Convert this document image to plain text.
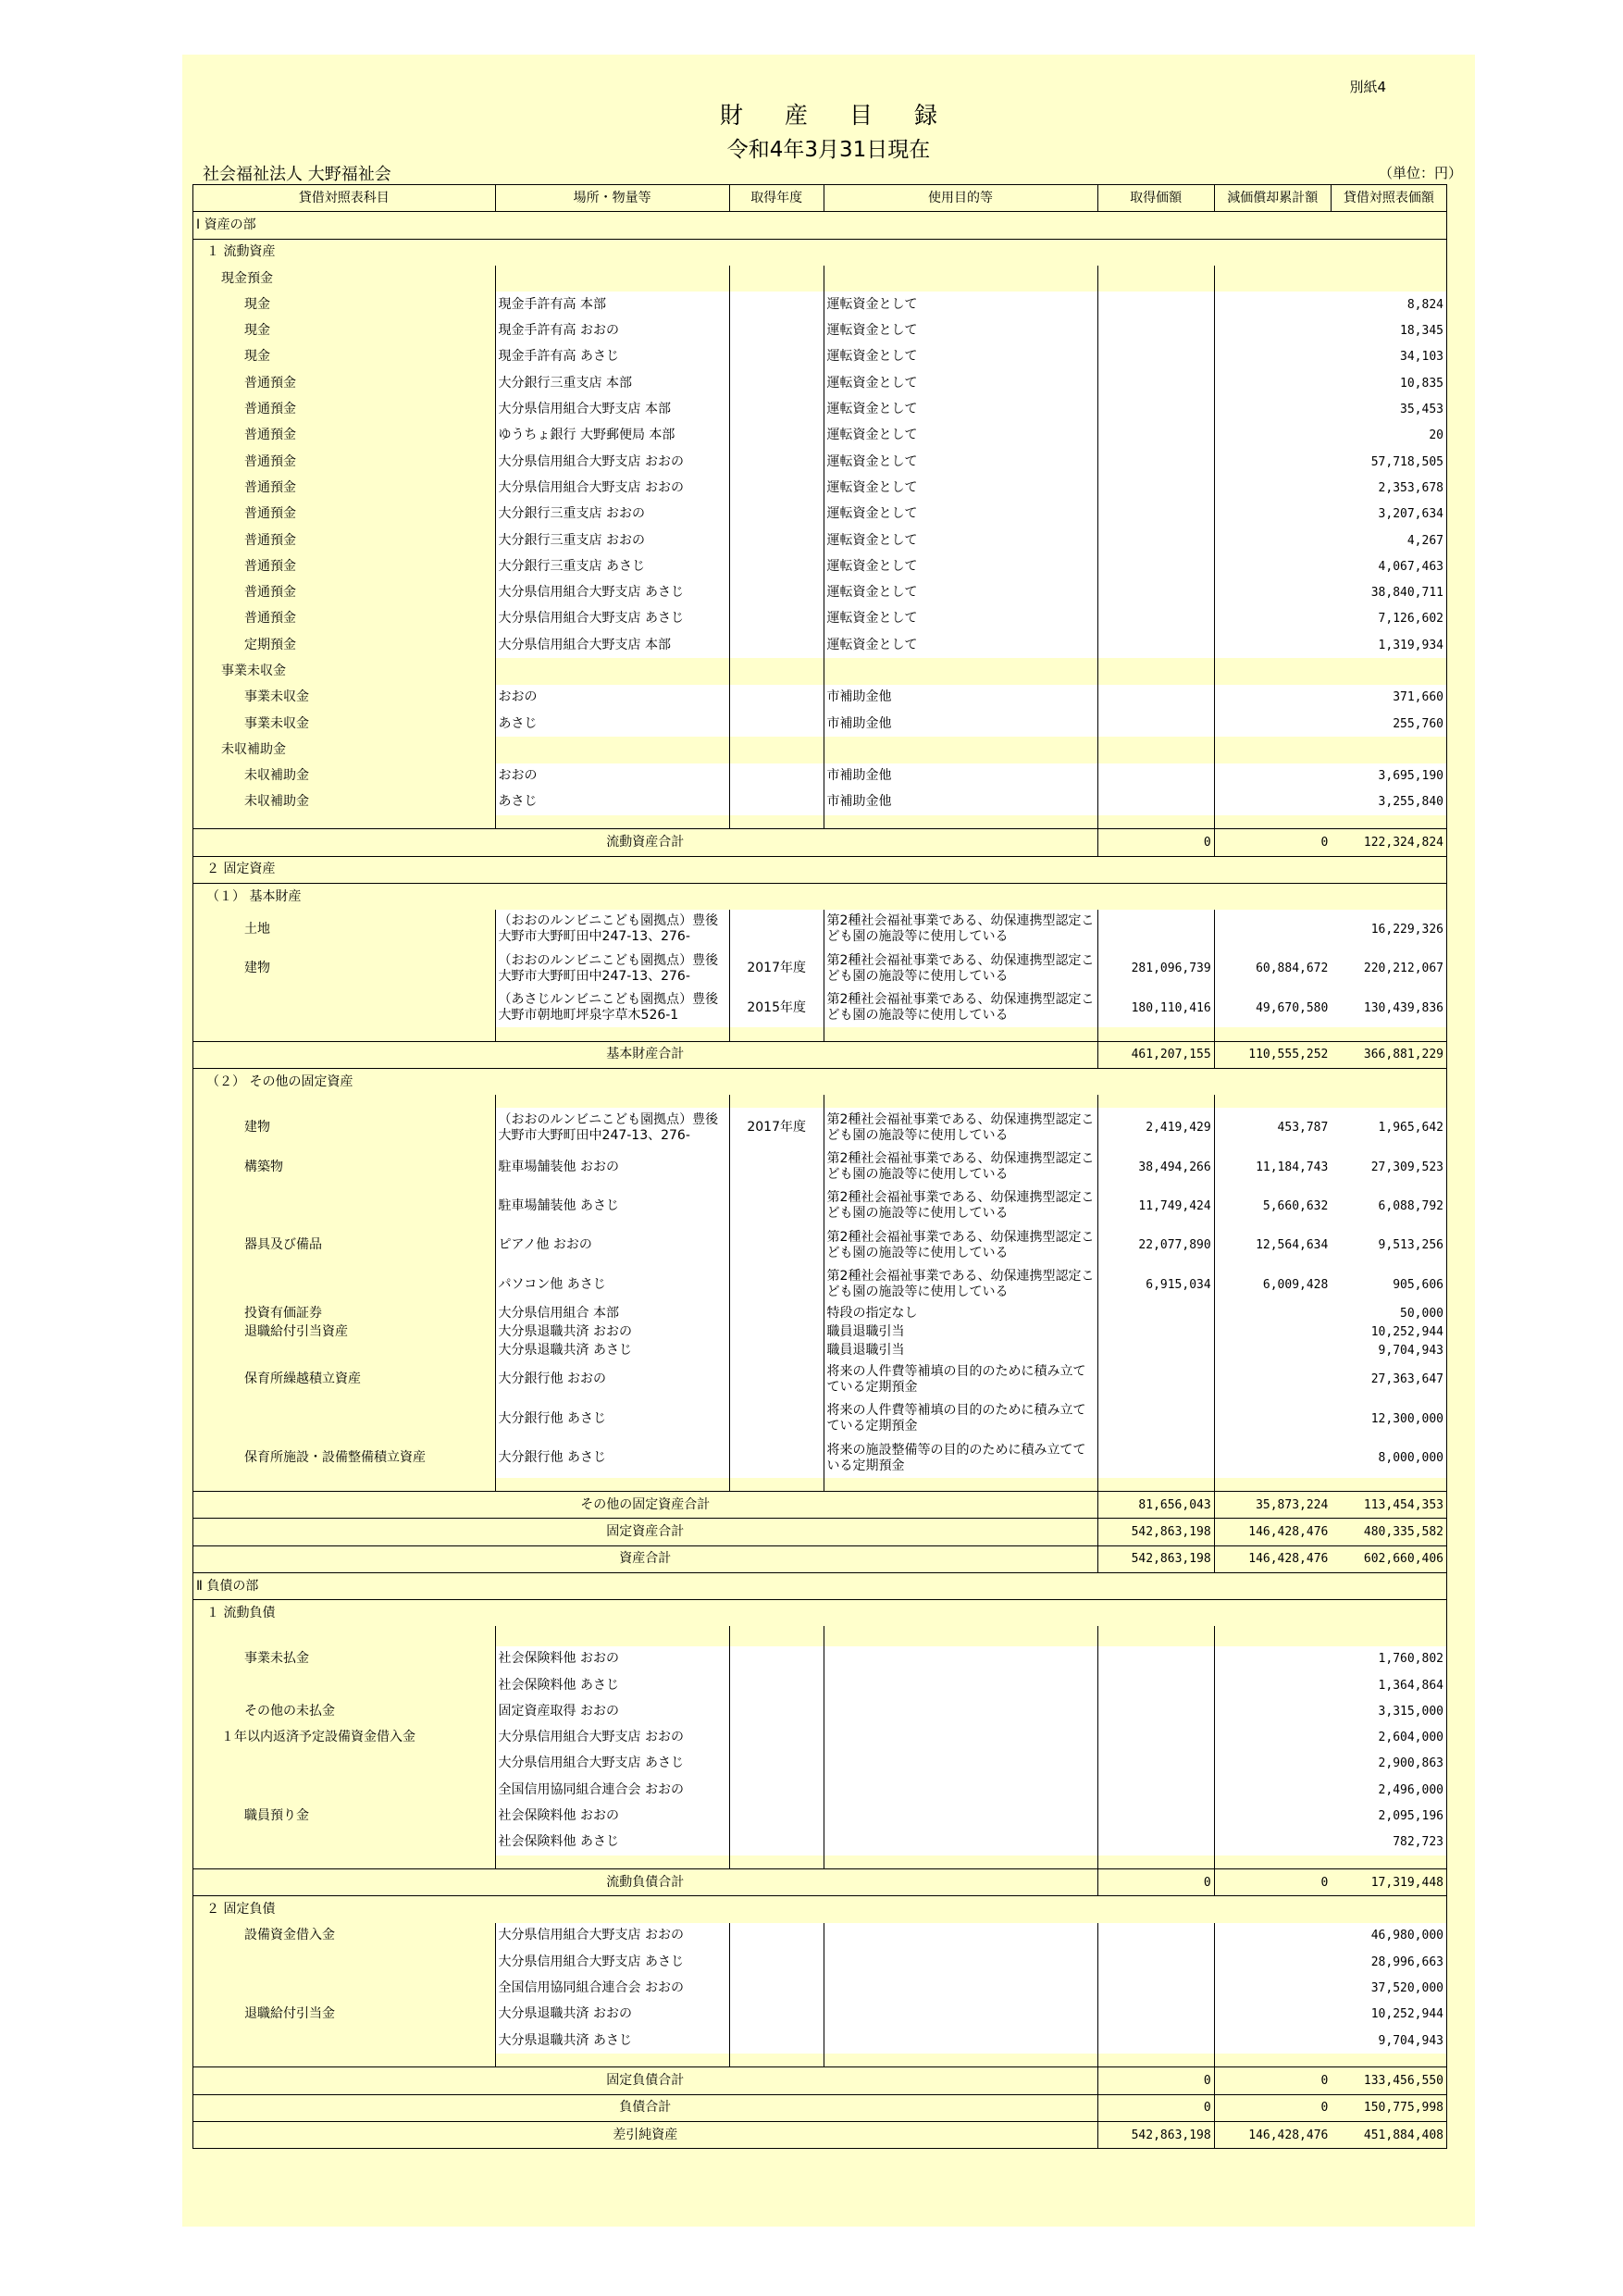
別紙4
財産目録
令和4年3月31日現在
社会福祉法人 大野福祉会	（単位：円）
貸借対照表科目	場所・物量等	取得年度	使用目的等	取得価額	減価償却累計額	貸借対照表価額
Ⅰ 資産の部						
１ 流動資産						
現金預金						
現金	現金手許有高 本部		運転資金として			8,824
現金	現金手許有高 おおの		運転資金として			18,345
現金	現金手許有高 あさじ		運転資金として			34,103
普通預金	大分銀行三重支店 本部		運転資金として			10,835
普通預金	大分県信用組合大野支店 本部		運転資金として			35,453
普通預金	ゆうちょ銀行 大野郵便局 本部		運転資金として			20
普通預金	大分県信用組合大野支店 おおの		運転資金として			57,718,505
普通預金	大分県信用組合大野支店 おおの		運転資金として			2,353,678
普通預金	大分銀行三重支店 おおの		運転資金として			3,207,634
普通預金	大分銀行三重支店 おおの		運転資金として			4,267
普通預金	大分銀行三重支店 あさじ		運転資金として			4,067,463
普通預金	大分県信用組合大野支店 あさじ		運転資金として			38,840,711
普通預金	大分県信用組合大野支店 あさじ		運転資金として			7,126,602
定期預金	大分県信用組合大野支店 本部		運転資金として			1,319,934
事業未収金						
事業未収金	おおの		市補助金他			371,660
事業未収金	あさじ		市補助金他			255,760
未収補助金						
未収補助金	おおの		市補助金他			3,695,190
未収補助金	あさじ		市補助金他			3,255,840

流動資産合計				0	0	122,324,824
２ 固定資産						
（１） 基本財産						
土地	（おおのルンビニこども園拠点）豊後大野市大野町田中247-13、276-		第2種社会福祉事業である、幼保連携型認定こども園の施設等に使用している			16,229,326
建物	（おおのルンビニこども園拠点）豊後大野市大野町田中247-13、276-	2017年度	第2種社会福祉事業である、幼保連携型認定こども園の施設等に使用している	281,096,739	60,884,672	220,212,067
	（あさじルンビニこども園拠点）豊後大野市朝地町坪泉字草木526-1	2015年度	第2種社会福祉事業である、幼保連携型認定こども園の施設等に使用している	180,110,416	49,670,580	130,439,836

基本財産合計				461,207,155	110,555,252	366,881,229
（２） その他の固定資産						

建物	（おおのルンビニこども園拠点）豊後大野市大野町田中247-13、276-	2017年度	第2種社会福祉事業である、幼保連携型認定こども園の施設等に使用している	2,419,429	453,787	1,965,642
構築物	駐車場舗装他 おおの		第2種社会福祉事業である、幼保連携型認定こども園の施設等に使用している	38,494,266	11,184,743	27,309,523
	駐車場舗装他 あさじ		第2種社会福祉事業である、幼保連携型認定こども園の施設等に使用している	11,749,424	5,660,632	6,088,792
器具及び備品	ピアノ他 おおの		第2種社会福祉事業である、幼保連携型認定こども園の施設等に使用している	22,077,890	12,564,634	9,513,256
	パソコン他 あさじ		第2種社会福祉事業である、幼保連携型認定こども園の施設等に使用している	6,915,034	6,009,428	905,606
投資有価証券	大分県信用組合 本部		特段の指定なし			50,000
退職給付引当資産	大分県退職共済 おおの		職員退職引当			10,252,944
	大分県退職共済 あさじ		職員退職引当			9,704,943
保育所繰越積立資産	大分銀行他 おおの		将来の人件費等補填の目的のために積み立てている定期預金			27,363,647
	大分銀行他 あさじ		将来の人件費等補填の目的のために積み立てている定期預金			12,300,000
保育所施設・設備整備積立資産	大分銀行他 あさじ		将来の施設整備等の目的のために積み立てている定期預金			8,000,000

その他の固定資産合計				81,656,043	35,873,224	113,454,353
固定資産合計				542,863,198	146,428,476	480,335,582
資産合計				542,863,198	146,428,476	602,660,406
Ⅱ 負債の部						
１ 流動負債						

事業未払金	社会保険料他 おおの					1,760,802
	社会保険料他 あさじ					1,364,864
その他の未払金	固定資産取得 おおの					3,315,000
１年以内返済予定設備資金借入金	大分県信用組合大野支店 おおの					2,604,000
	大分県信用組合大野支店 あさじ					2,900,863
	全国信用協同組合連合会 おおの					2,496,000
職員預り金	社会保険料他 おおの					2,095,196
	社会保険料他 あさじ					782,723

流動負債合計				0	0	17,319,448
２ 固定負債						
設備資金借入金	大分県信用組合大野支店 おおの					46,980,000
	大分県信用組合大野支店 あさじ					28,996,663
	全国信用協同組合連合会 おおの					37,520,000
退職給付引当金	大分県退職共済 おおの					10,252,944
	大分県退職共済 あさじ					9,704,943

固定負債合計				0	0	133,456,550
負債合計				0	0	150,775,998
差引純資産				542,863,198	146,428,476	451,884,408
